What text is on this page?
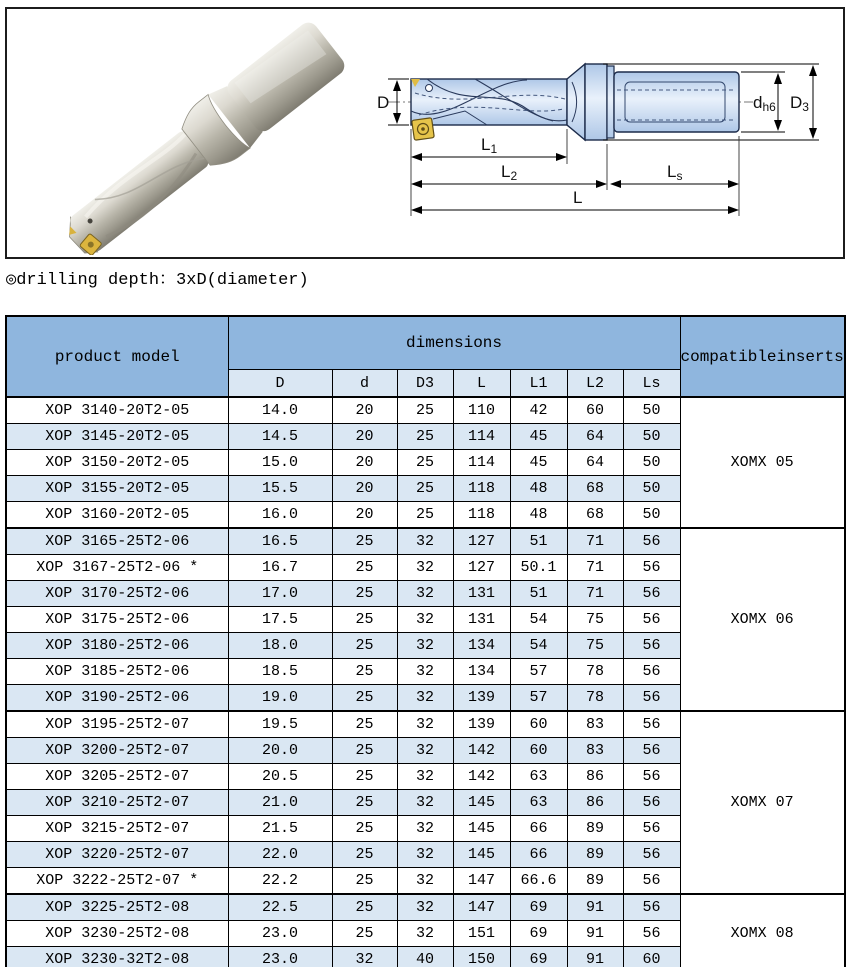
D	dh6 D3
L1
L2	Ls
L
◎drilling depth：3xD(diameter)
product model	dimensions							compatibleinserts
	D	d	D3	L	L1	L2	Ls	
XOP 3140-20T2-05	14.0	20	25	110	42	60	50	XOMX 05
XOP 3145-20T2-05	14.5	20	25	114	45	64	50	
XOP 3150-20T2-05	15.0	20	25	114	45	64	50	
XOP 3155-20T2-05	15.5	20	25	118	48	68	50	
XOP 3160-20T2-05	16.0	20	25	118	48	68	50	
XOP 3165-25T2-06	16.5	25	32	127	51	71	56	XOMX 06
XOP 3167-25T2-06 *	16.7	25	32	127	50.1	71	56	
XOP 3170-25T2-06	17.0	25	32	131	51	71	56	
XOP 3175-25T2-06	17.5	25	32	131	54	75	56	
XOP 3180-25T2-06	18.0	25	32	134	54	75	56	
XOP 3185-25T2-06	18.5	25	32	134	57	78	56	
XOP 3190-25T2-06	19.0	25	32	139	57	78	56	
XOP 3195-25T2-07	19.5	25	32	139	60	83	56	XOMX 07
XOP 3200-25T2-07	20.0	25	32	142	60	83	56	
XOP 3205-25T2-07	20.5	25	32	142	63	86	56	
XOP 3210-25T2-07	21.0	25	32	145	63	86	56	
XOP 3215-25T2-07	21.5	25	32	145	66	89	56	
XOP 3220-25T2-07	22.0	25	32	145	66	89	56	
XOP 3222-25T2-07 *	22.2	25	32	147	66.6	89	56	
XOP 3225-25T2-08	22.5	25	32	147	69	91	56	XOMX 08
XOP 3230-25T2-08	23.0	25	32	151	69	91	56	
XOP 3230-32T2-08	23.0	32	40	150	69	91	60	
